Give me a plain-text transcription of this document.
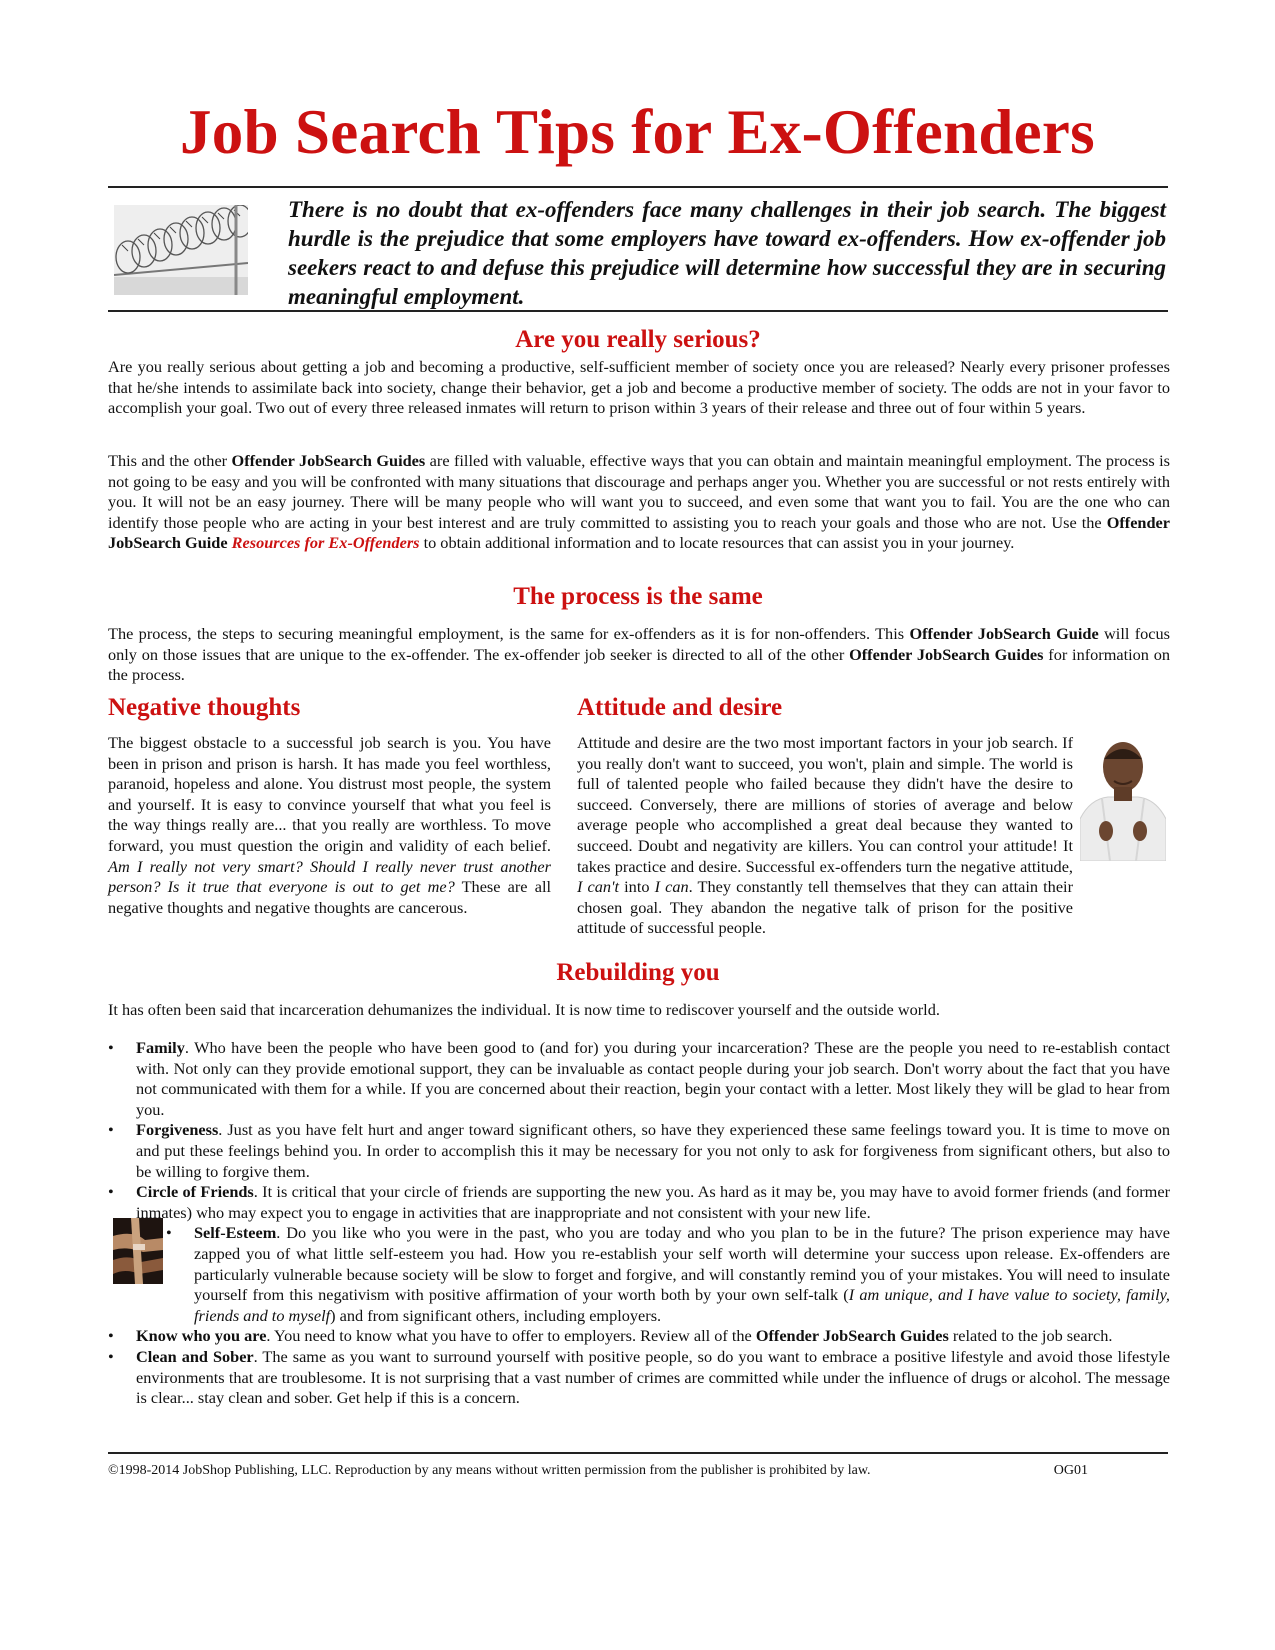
Job Search Tips for Ex-Offenders

There is no doubt that ex-offenders face many challenges in their job search. The biggest hurdle is the prejudice that some employers have toward ex-offenders. How ex-offender job seekers react to and defuse this prejudice will determine how successful they are in securing meaningful employment.

Are you really serious?

Are you really serious about getting a job and becoming a productive, self-sufficient member of society once you are released? Nearly every prisoner professes that he/she intends to assimilate back into society, change their behavior, get a job and become a productive member of society. The odds are not in your favor to accomplish your goal. Two out of every three released inmates will return to prison within 3 years of their release and three out of four within 5 years.

This and the other Offender JobSearch Guides are filled with valuable, effective ways that you can obtain and maintain meaningful employment. The process is not going to be easy and you will be confronted with many situations that discourage and perhaps anger you. Whether you are successful or not rests entirely with you. It will not be an easy journey. There will be many people who will want you to succeed, and even some that want you to fail. You are the one who can identify those people who are acting in your best interest and are truly committed to assisting you to reach your goals and those who are not. Use the Offender JobSearch Guide Resources for Ex-Offenders to obtain additional information and to locate resources that can assist you in your journey.

The process is the same

The process, the steps to securing meaningful employment, is the same for ex-offenders as it is for non-offenders. This Offender JobSearch Guide will focus only on those issues that are unique to the ex-offender. The ex-offender job seeker is directed to all of the other Offender JobSearch Guides for information on the process.

Negative thoughts

The biggest obstacle to a successful job search is you. You have been in prison and prison is harsh. It has made you feel worthless, paranoid, hopeless and alone. You distrust most people, the system and yourself. It is easy to convince yourself that what you feel is the way things really are... that you really are worthless. To move forward, you must question the origin and validity of each belief. Am I really not very smart? Should I really never trust another person? Is it true that everyone is out to get me? These are all negative thoughts and negative thoughts are cancerous.

Attitude and desire

Attitude and desire are the two most important factors in your job search. If you really don't want to succeed, you won't, plain and simple. The world is full of talented people who failed because they didn't have the desire to succeed. Conversely, there are millions of stories of average and below average people who accomplished a great deal because they wanted to succeed. Doubt and negativity are killers. You can control your attitude! It takes practice and desire. Successful ex-offenders turn the negative attitude, I can't into I can. They constantly tell themselves that they can attain their chosen goal. They abandon the negative talk of prison for the positive attitude of successful people.

Rebuilding you

It has often been said that incarceration dehumanizes the individual. It is now time to rediscover yourself and the outside world.

• Family. Who have been the people who have been good to (and for) you during your incarceration? These are the people you need to re-establish contact with. Not only can they provide emotional support, they can be invaluable as contact people during your job search. Don't worry about the fact that you have not communicated with them for a while. If you are concerned about their reaction, begin your contact with a letter. Most likely they will be glad to hear from you.
• Forgiveness. Just as you have felt hurt and anger toward significant others, so have they experienced these same feelings toward you. It is time to move on and put these feelings behind you. In order to accomplish this it may be necessary for you not only to ask for forgiveness from significant others, but also to be willing to forgive them.
• Circle of Friends. It is critical that your circle of friends are supporting the new you. As hard as it may be, you may have to avoid former friends (and former inmates) who may expect you to engage in activities that are inappropriate and not consistent with your new life.
• Self-Esteem. Do you like who you were in the past, who you are today and who you plan to be in the future? The prison experience may have zapped you of what little self-esteem you had. How you re-establish your self worth will determine your success upon release. Ex-offenders are particularly vulnerable because society will be slow to forget and forgive, and will constantly remind you of your mistakes. You will need to insulate yourself from this negativism with positive affirmation of your worth both by your own self-talk (I am unique, and I have value to society, family, friends and to myself) and from significant others, including employers.
• Know who you are. You need to know what you have to offer to employers. Review all of the Offender JobSearch Guides related to the job search.
• Clean and Sober. The same as you want to surround yourself with positive people, so do you want to embrace a positive lifestyle and avoid those lifestyle environments that are troublesome. It is not surprising that a vast number of crimes are committed while under the influence of drugs or alcohol. The message is clear... stay clean and sober. Get help if this is a concern.
©1998-2014 JobShop Publishing, LLC. Reproduction by any means without written permission from the publisher is prohibited by law.	OG01
